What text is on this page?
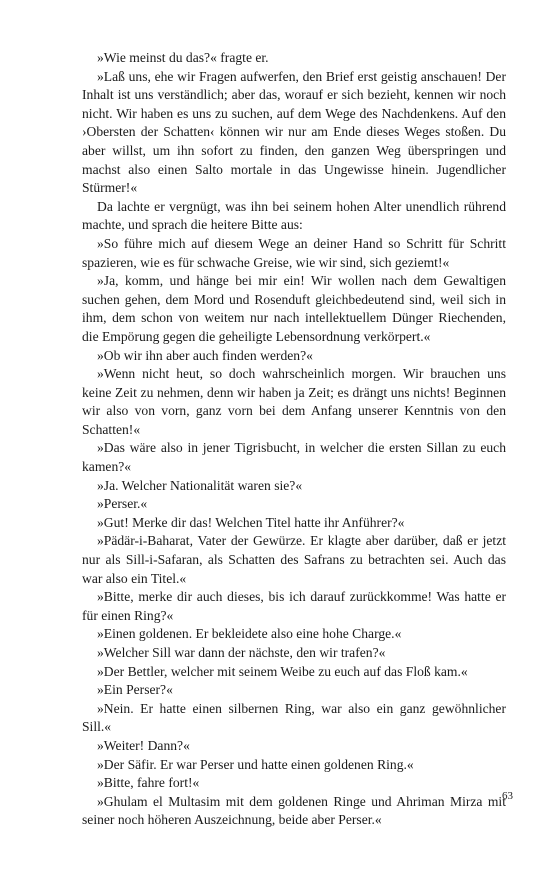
»Wie meinst du das?« fragte er.

»Laß uns, ehe wir Fragen aufwerfen, den Brief erst geistig anschauen! Der Inhalt ist uns verständlich; aber das, worauf er sich bezieht, kennen wir noch nicht. Wir haben es uns zu suchen, auf dem Wege des Nachdenkens. Auf den ›Obersten der Schatten‹ können wir nur am Ende dieses Weges stoßen. Du aber willst, um ihn sofort zu finden, den ganzen Weg überspringen und machst also einen Salto mortale in das Ungewisse hinein. Jugendlicher Stürmer!«

Da lachte er vergnügt, was ihn bei seinem hohen Alter unendlich rührend machte, und sprach die heitere Bitte aus:

»So führe mich auf diesem Wege an deiner Hand so Schritt für Schritt spazieren, wie es für schwache Greise, wie wir sind, sich geziemt!«

»Ja, komm, und hänge bei mir ein! Wir wollen nach dem Gewaltigen suchen gehen, dem Mord und Rosenduft gleichbedeutend sind, weil sich in ihm, dem schon von weitem nur nach intellektuellem Dünger Riechenden, die Empörung gegen die geheiligte Lebensordnung verkörpert.«

»Ob wir ihn aber auch finden werden?«

»Wenn nicht heut, so doch wahrscheinlich morgen. Wir brauchen uns keine Zeit zu nehmen, denn wir haben ja Zeit; es drängt uns nichts! Beginnen wir also von vorn, ganz vorn bei dem Anfang unserer Kenntnis von den Schatten!«

»Das wäre also in jener Tigrisbucht, in welcher die ersten Sillan zu euch kamen?«

»Ja. Welcher Nationalität waren sie?«

»Perser.«

»Gut! Merke dir das! Welchen Titel hatte ihr Anführer?«

»Pädär-i-Baharat, Vater der Gewürze. Er klagte aber darüber, daß er jetzt nur als Sill-i-Safaran, als Schatten des Safrans zu betrachten sei. Auch das war also ein Titel.«

»Bitte, merke dir auch dieses, bis ich darauf zurückkomme! Was hatte er für einen Ring?«

»Einen goldenen. Er bekleidete also eine hohe Charge.«

»Welcher Sill war dann der nächste, den wir trafen?«

»Der Bettler, welcher mit seinem Weibe zu euch auf das Floß kam.«

»Ein Perser?«

»Nein. Er hatte einen silbernen Ring, war also ein ganz gewöhnlicher Sill.«

»Weiter! Dann?«

»Der Säfir. Er war Perser und hatte einen goldenen Ring.«

»Bitte, fahre fort!«

»Ghulam el Multasim mit dem goldenen Ringe und Ahriman Mirza mit seiner noch höheren Auszeichnung, beide aber Perser.«

63
